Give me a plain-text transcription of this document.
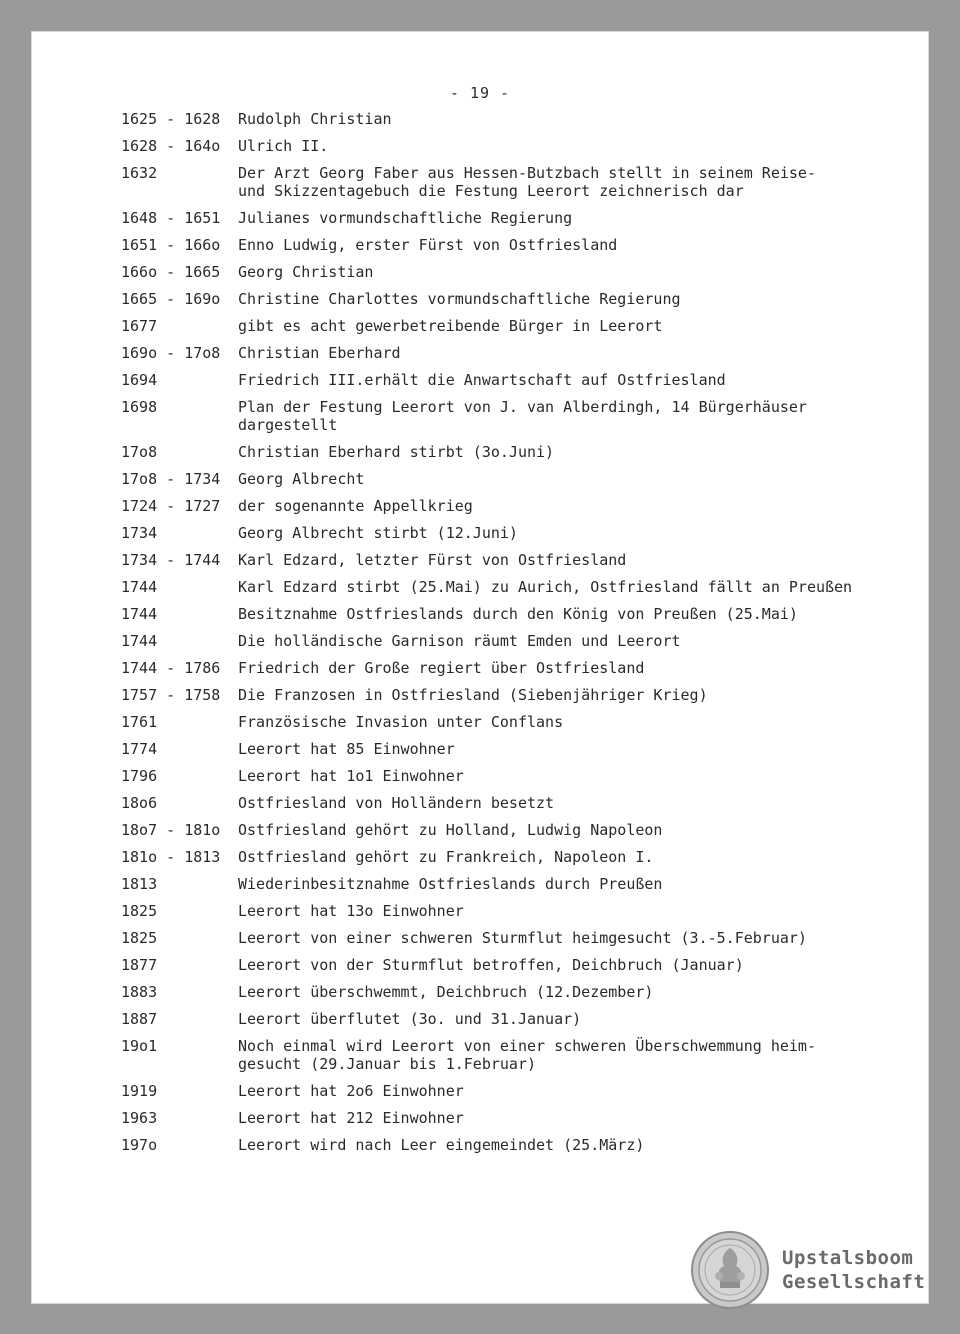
- 19 -
1625 - 1628	Rudolph Christian
1628 - 164o	Ulrich II.
1632	Der Arzt Georg Faber aus Hessen-Butzbach stellt in seinem Reise-
und Skizzentagebuch die Festung Leerort zeichnerisch dar
1648 - 1651	Julianes vormundschaftliche Regierung
1651 - 166o	Enno Ludwig, erster Fürst von Ostfriesland
166o - 1665	Georg Christian
1665 - 169o	Christine Charlottes vormundschaftliche Regierung
1677	gibt es acht gewerbetreibende Bürger in Leerort
169o - 17o8	Christian Eberhard
1694	Friedrich III.erhält die Anwartschaft auf Ostfriesland
1698	Plan der Festung Leerort von J. van Alberdingh, 14 Bürgerhäuser
dargestellt
17o8	Christian Eberhard stirbt (3o.Juni)
17o8 - 1734	Georg Albrecht
1724 - 1727	der sogenannte Appellkrieg
1734	Georg Albrecht stirbt (12.Juni)
1734 - 1744	Karl Edzard, letzter Fürst von Ostfriesland
1744	Karl Edzard stirbt (25.Mai) zu Aurich, Ostfriesland fällt an Preußen
1744	Besitznahme Ostfrieslands durch den König von Preußen (25.Mai)
1744	Die holländische Garnison räumt Emden und Leerort
1744 - 1786	Friedrich der Große regiert über Ostfriesland
1757 - 1758	Die Franzosen in Ostfriesland (Siebenjähriger Krieg)
1761	Französische Invasion unter Conflans
1774	Leerort hat 85 Einwohner
1796	Leerort hat 1o1 Einwohner
18o6	Ostfriesland von Holländern besetzt
18o7 - 181o	Ostfriesland gehört zu Holland, Ludwig Napoleon
181o - 1813	Ostfriesland gehört zu Frankreich, Napoleon I.
1813	Wiederinbesitznahme Ostfrieslands durch Preußen
1825	Leerort hat 13o Einwohner
1825	Leerort von einer schweren Sturmflut heimgesucht (3.-5.Februar)
1877	Leerort von der Sturmflut betroffen, Deichbruch (Januar)
1883	Leerort überschwemmt, Deichbruch (12.Dezember)
1887	Leerort überflutet (3o. und 31.Januar)
19o1	Noch einmal wird Leerort von einer schweren Überschwemmung heim-
gesucht (29.Januar bis 1.Februar)
1919	Leerort hat 2o6 Einwohner
1963	Leerort hat 212 Einwohner
197o	Leerort wird nach Leer eingemeindet (25.März)
Upstalsboom
Gesellschaft
